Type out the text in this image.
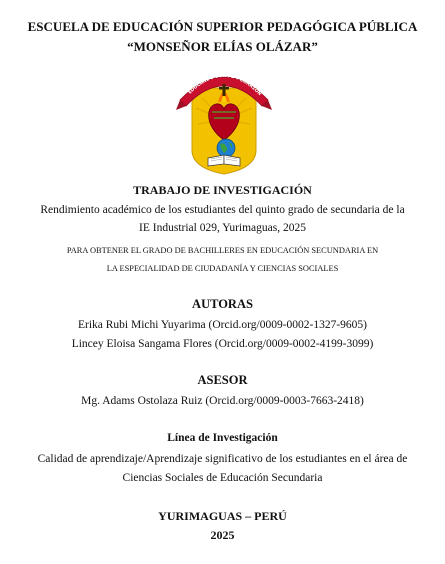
ESCUELA DE EDUCACIÓN SUPERIOR PEDAGÓGICA PÚBLICA
“MONSEÑOR ELÍAS OLÁZAR”
EDUCANDO CON FE Y CORAZÓN
TRABAJO DE INVESTIGACIÓN
Rendimiento académico de los estudiantes del quinto grado de secundaria de la
IE Industrial 029, Yurimaguas, 2025
PARA OBTENER EL GRADO DE BACHILLERES EN EDUCACIÓN SECUNDARIA EN
LA ESPECIALIDAD DE CIUDADANÍA Y CIENCIAS SOCIALES
AUTORAS
Erika Rubi Michi Yuyarima (Orcid.org/0009-0002-1327-9605)
Lincey Eloisa Sangama Flores (Orcid.org/0009-0002-4199-3099)
ASESOR
Mg. Adams Ostolaza Ruiz (Orcid.org/0009-0003-7663-2418)
Línea de Investigación
Calidad de aprendizaje/Aprendizaje significativo de los estudiantes en el área de
Ciencias Sociales de Educación Secundaria
YURIMAGUAS – PERÚ
2025
